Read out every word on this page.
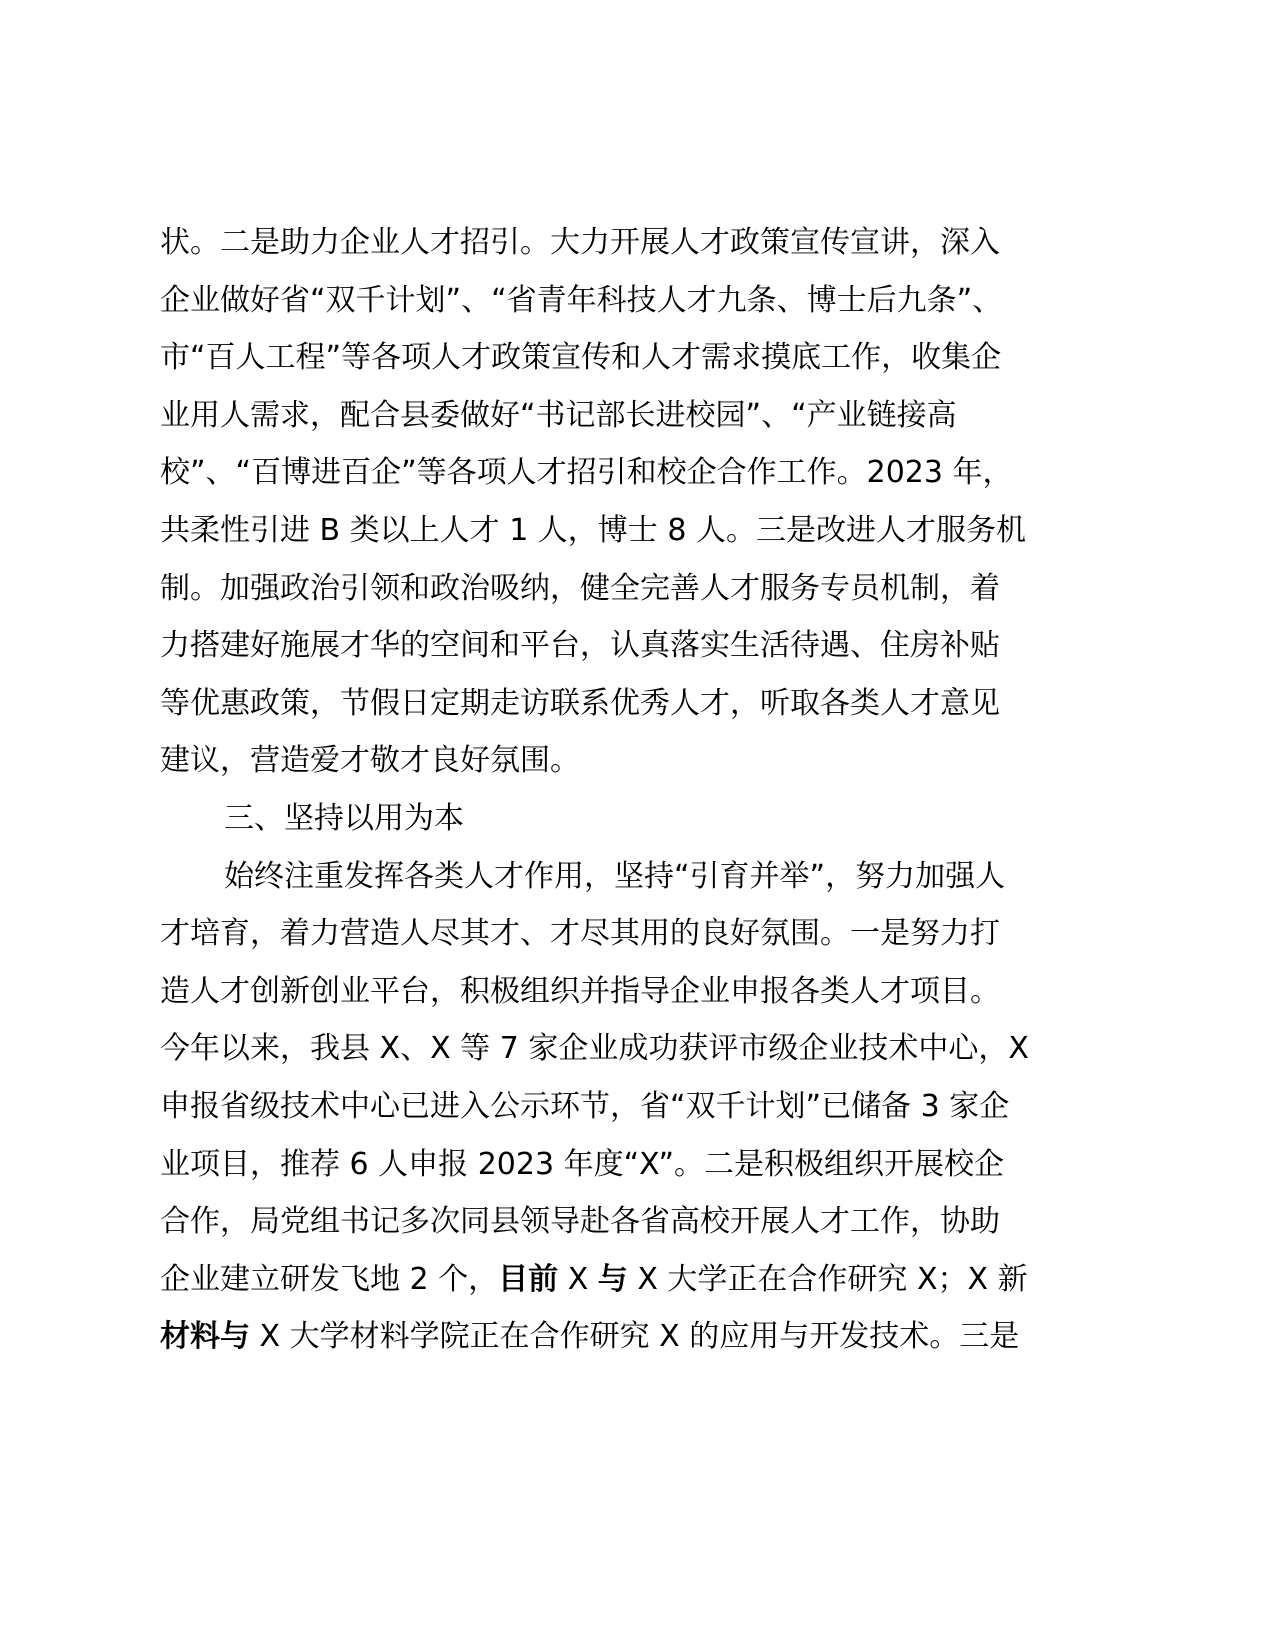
状。二是助力企业人才招引。大力开展人才政策宣传宣讲，深入
企业做好省“双千计划”、“省青年科技人才九条、博士后九条”、
市“百人工程”等各项人才政策宣传和人才需求摸底工作，收集企
业用人需求，配合县委做好“书记部长进校园”、“产业链接高
校”、“百博进百企”等各项人才招引和校企合作工作。2023 年，
共柔性引进 B 类以上人才 1 人，博士 8 人。三是改进人才服务机
制。加强政治引领和政治吸纳，健全完善人才服务专员机制，着
力搭建好施展才华的空间和平台，认真落实生活待遇、住房补贴
等优惠政策，节假日定期走访联系优秀人才，听取各类人才意见
建议，营造爱才敬才良好氛围。
三、坚持以用为本
始终注重发挥各类人才作用，坚持“引育并举”，努力加强人
才培育，着力营造人尽其才、才尽其用的良好氛围。一是努力打
造人才创新创业平台，积极组织并指导企业申报各类人才项目。
今年以来，我县 X、X 等 7 家企业成功获评市级企业技术中心，X
申报省级技术中心已进入公示环节，省“双千计划”已储备 3 家企
业项目，推荐 6 人申报 2023 年度“X”。二是积极组织开展校企
合作，局党组书记多次同县领导赴各省高校开展人才工作，协助
企业建立研发飞地 2 个，目前 X 与 X 大学正在合作研究 X；X 新
材料与 X 大学材料学院正在合作研究 X 的应用与开发技术。三是
